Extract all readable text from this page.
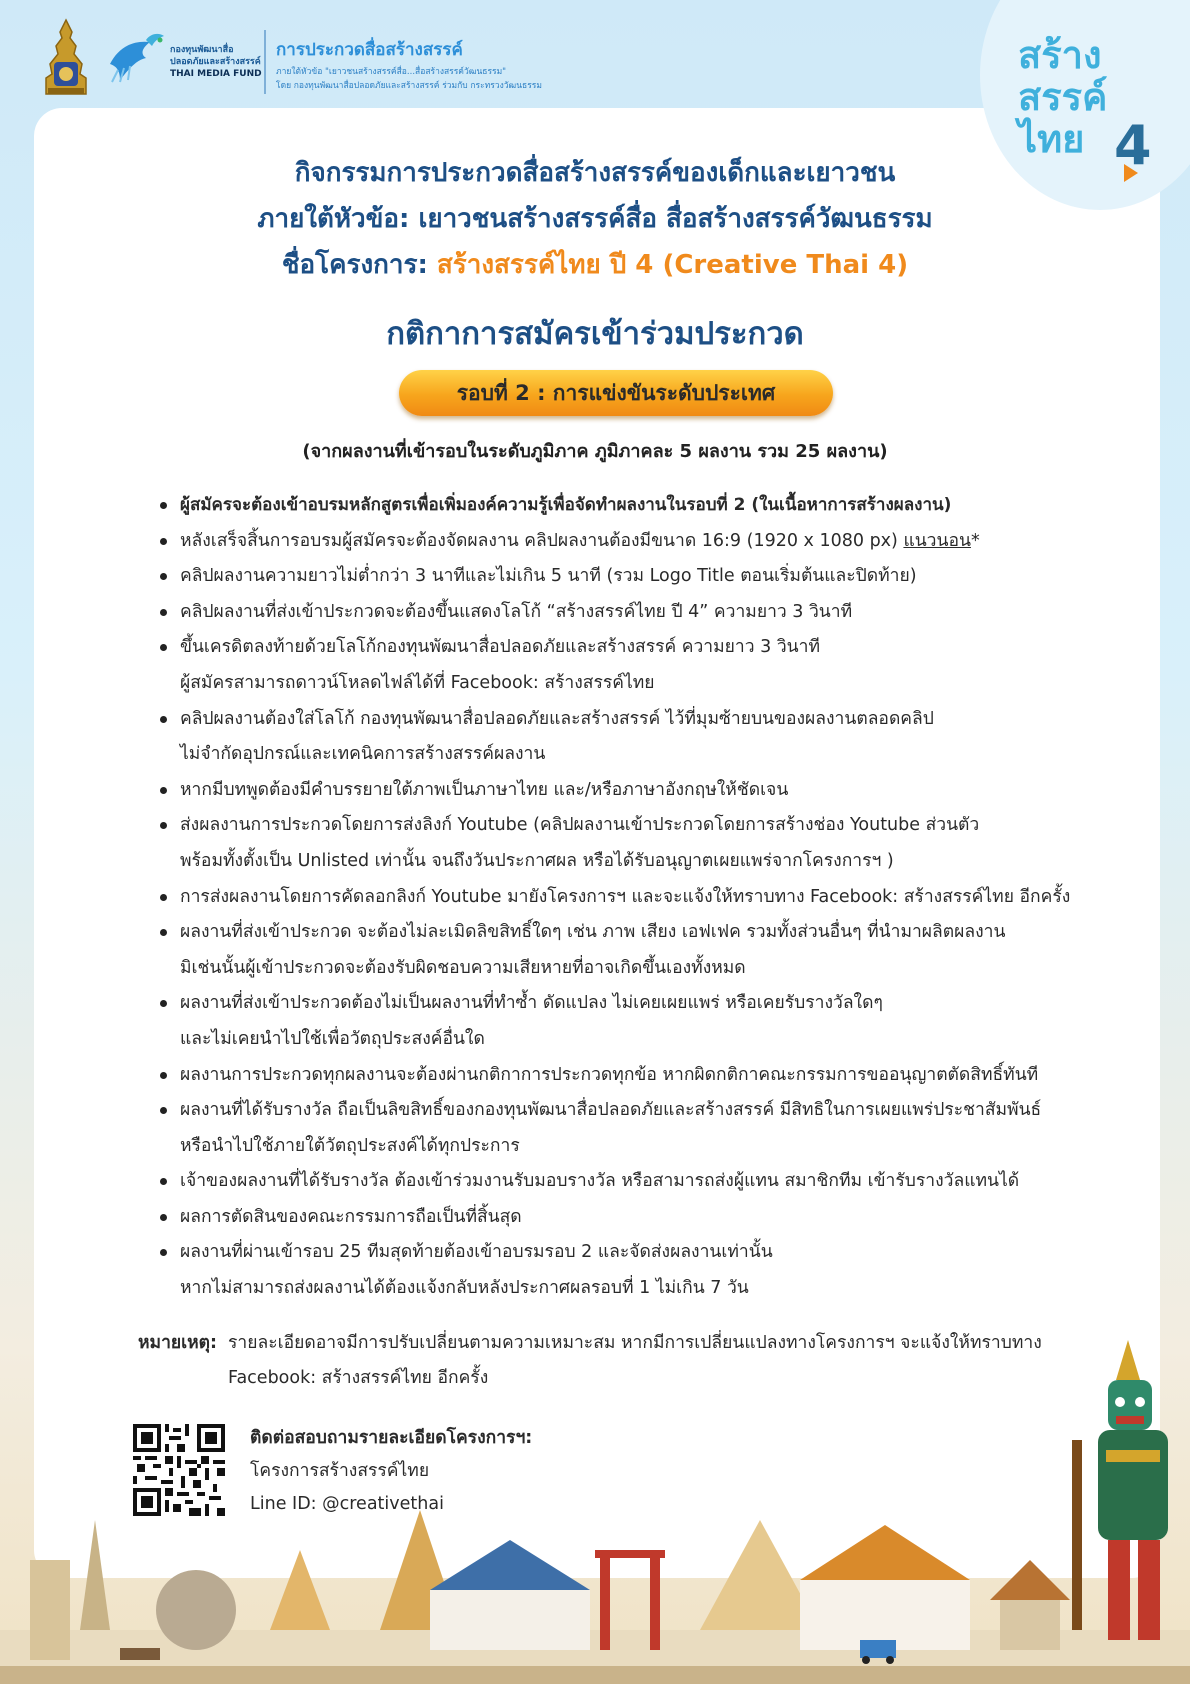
กองทุนพัฒนาสื่อ
ปลอดภัยและสร้างสรรค์
THAI MEDIA FUND
การประกวดสื่อสร้างสรรค์
ภายใต้หัวข้อ "เยาวชนสร้างสรรค์สื่อ...สื่อสร้างสรรค์วัฒนธรรม"
โดย กองทุนพัฒนาสื่อปลอดภัยและสร้างสรรค์ ร่วมกับ กระทรวงวัฒนธรรม
สร้าง
สรรค์
ไทย 4
กิจกรรมการประกวดสื่อสร้างสรรค์ของเด็กและเยาวชน
ภายใต้หัวข้อ: เยาวชนสร้างสรรค์สื่อ สื่อสร้างสรรค์วัฒนธรรม
ชื่อโครงการ: สร้างสรรค์ไทย ปี 4 (Creative Thai 4)
กติกาการสมัครเข้าร่วมประกวด
รอบที่ 2 : การแข่งขันระดับประเทศ
(จากผลงานที่เข้ารอบในระดับภูมิภาค ภูมิภาคละ 5 ผลงาน รวม 25 ผลงาน)
ผู้สมัครจะต้องเข้าอบรมหลักสูตรเพื่อเพิ่มองค์ความรู้เพื่อจัดทำผลงานในรอบที่ 2 (ในเนื้อหาการสร้างผลงาน)
หลังเสร็จสิ้นการอบรมผู้สมัครจะต้องจัดผลงาน คลิปผลงานต้องมีขนาด 16:9 (1920 x 1080 px) แนวนอน*
คลิปผลงานความยาวไม่ต่ำกว่า 3 นาทีและไม่เกิน 5 นาที (รวม Logo Title ตอนเริ่มต้นและปิดท้าย)
คลิปผลงานที่ส่งเข้าประกวดจะต้องขึ้นแสดงโลโก้ “สร้างสรรค์ไทย ปี 4” ความยาว 3 วินาที
ขึ้นเครดิตลงท้ายด้วยโลโก้กองทุนพัฒนาสื่อปลอดภัยและสร้างสรรค์ ความยาว 3 วินาที
ผู้สมัครสามารถดาวน์โหลดไฟล์ได้ที่ Facebook: สร้างสรรค์ไทย
คลิปผลงานต้องใส่โลโก้ กองทุนพัฒนาสื่อปลอดภัยและสร้างสรรค์ ไว้ที่มุมซ้ายบนของผลงานตลอดคลิป
ไม่จำกัดอุปกรณ์และเทคนิคการสร้างสรรค์ผลงาน
หากมีบทพูดต้องมีคำบรรยายใต้ภาพเป็นภาษาไทย และ/หรือภาษาอังกฤษให้ชัดเจน
ส่งผลงานการประกวดโดยการส่งลิงก์ Youtube (คลิปผลงานเข้าประกวดโดยการสร้างช่อง Youtube ส่วนตัว
พร้อมทั้งตั้งเป็น Unlisted เท่านั้น จนถึงวันประกาศผล หรือได้รับอนุญาตเผยแพร่จากโครงการฯ )
การส่งผลงานโดยการคัดลอกลิงก์ Youtube มายังโครงการฯ และจะแจ้งให้ทราบทาง Facebook: สร้างสรรค์ไทย อีกครั้ง
ผลงานที่ส่งเข้าประกวด จะต้องไม่ละเมิดลิขสิทธิ์ใดๆ เช่น ภาพ เสียง เอฟเฟค รวมทั้งส่วนอื่นๆ ที่นำมาผลิตผลงาน
มิเช่นนั้นผู้เข้าประกวดจะต้องรับผิดชอบความเสียหายที่อาจเกิดขึ้นเองทั้งหมด
ผลงานที่ส่งเข้าประกวดต้องไม่เป็นผลงานที่ทำซ้ำ ดัดแปลง ไม่เคยเผยแพร่ หรือเคยรับรางวัลใดๆ
และไม่เคยนำไปใช้เพื่อวัตถุประสงค์อื่นใด
ผลงานการประกวดทุกผลงานจะต้องผ่านกติกาการประกวดทุกข้อ หากผิดกติกาคณะกรรมการขออนุญาตตัดสิทธิ์ทันที
ผลงานที่ได้รับรางวัล ถือเป็นลิขสิทธิ์ของกองทุนพัฒนาสื่อปลอดภัยและสร้างสรรค์ มีสิทธิในการเผยแพร่ประชาสัมพันธ์
หรือนำไปใช้ภายใต้วัตถุประสงค์ได้ทุกประการ
เจ้าของผลงานที่ได้รับรางวัล ต้องเข้าร่วมงานรับมอบรางวัล หรือสามารถส่งผู้แทน สมาชิกทีม เข้ารับรางวัลแทนได้
ผลการตัดสินของคณะกรรมการถือเป็นที่สิ้นสุด
ผลงานที่ผ่านเข้ารอบ 25 ทีมสุดท้ายต้องเข้าอบรมรอบ 2 และจัดส่งผลงานเท่านั้น
หากไม่สามารถส่งผลงานได้ต้องแจ้งกลับหลังประกาศผลรอบที่ 1 ไม่เกิน 7 วัน
หมายเหตุ: รายละเอียดอาจมีการปรับเปลี่ยนตามความเหมาะสม หากมีการเปลี่ยนแปลงทางโครงการฯ จะแจ้งให้ทราบทาง
Facebook: สร้างสรรค์ไทย อีกครั้ง
ติดต่อสอบถามรายละเอียดโครงการฯ:
โครงการสร้างสรรค์ไทย
Line ID: @creativethai
